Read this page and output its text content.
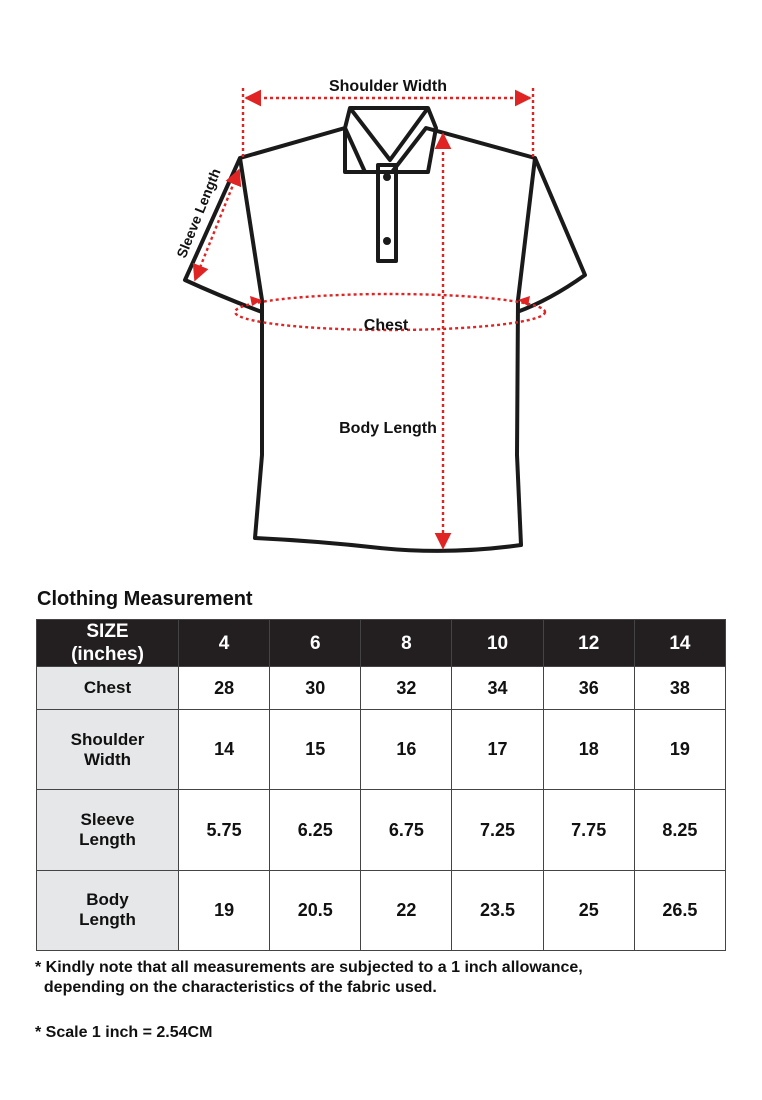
Shoulder Width
Sleeve Length
Chest
Body Length
Clothing Measurement
SIZE
(inches)	4	6	8	10	12	14

Chest	28	30	32	34	36	38

Shoulder
Width	14	15	16	17	18	19

Sleeve
Length	5.75	6.25	6.75	7.25	7.75	8.25

Body
Length	19	20.5	22	23.5	25	26.5
* Kindly note that all measurements are subjected to a 1 inch allowance,
depending on the characteristics of the fabric used.
* Scale 1 inch = 2.54CM
